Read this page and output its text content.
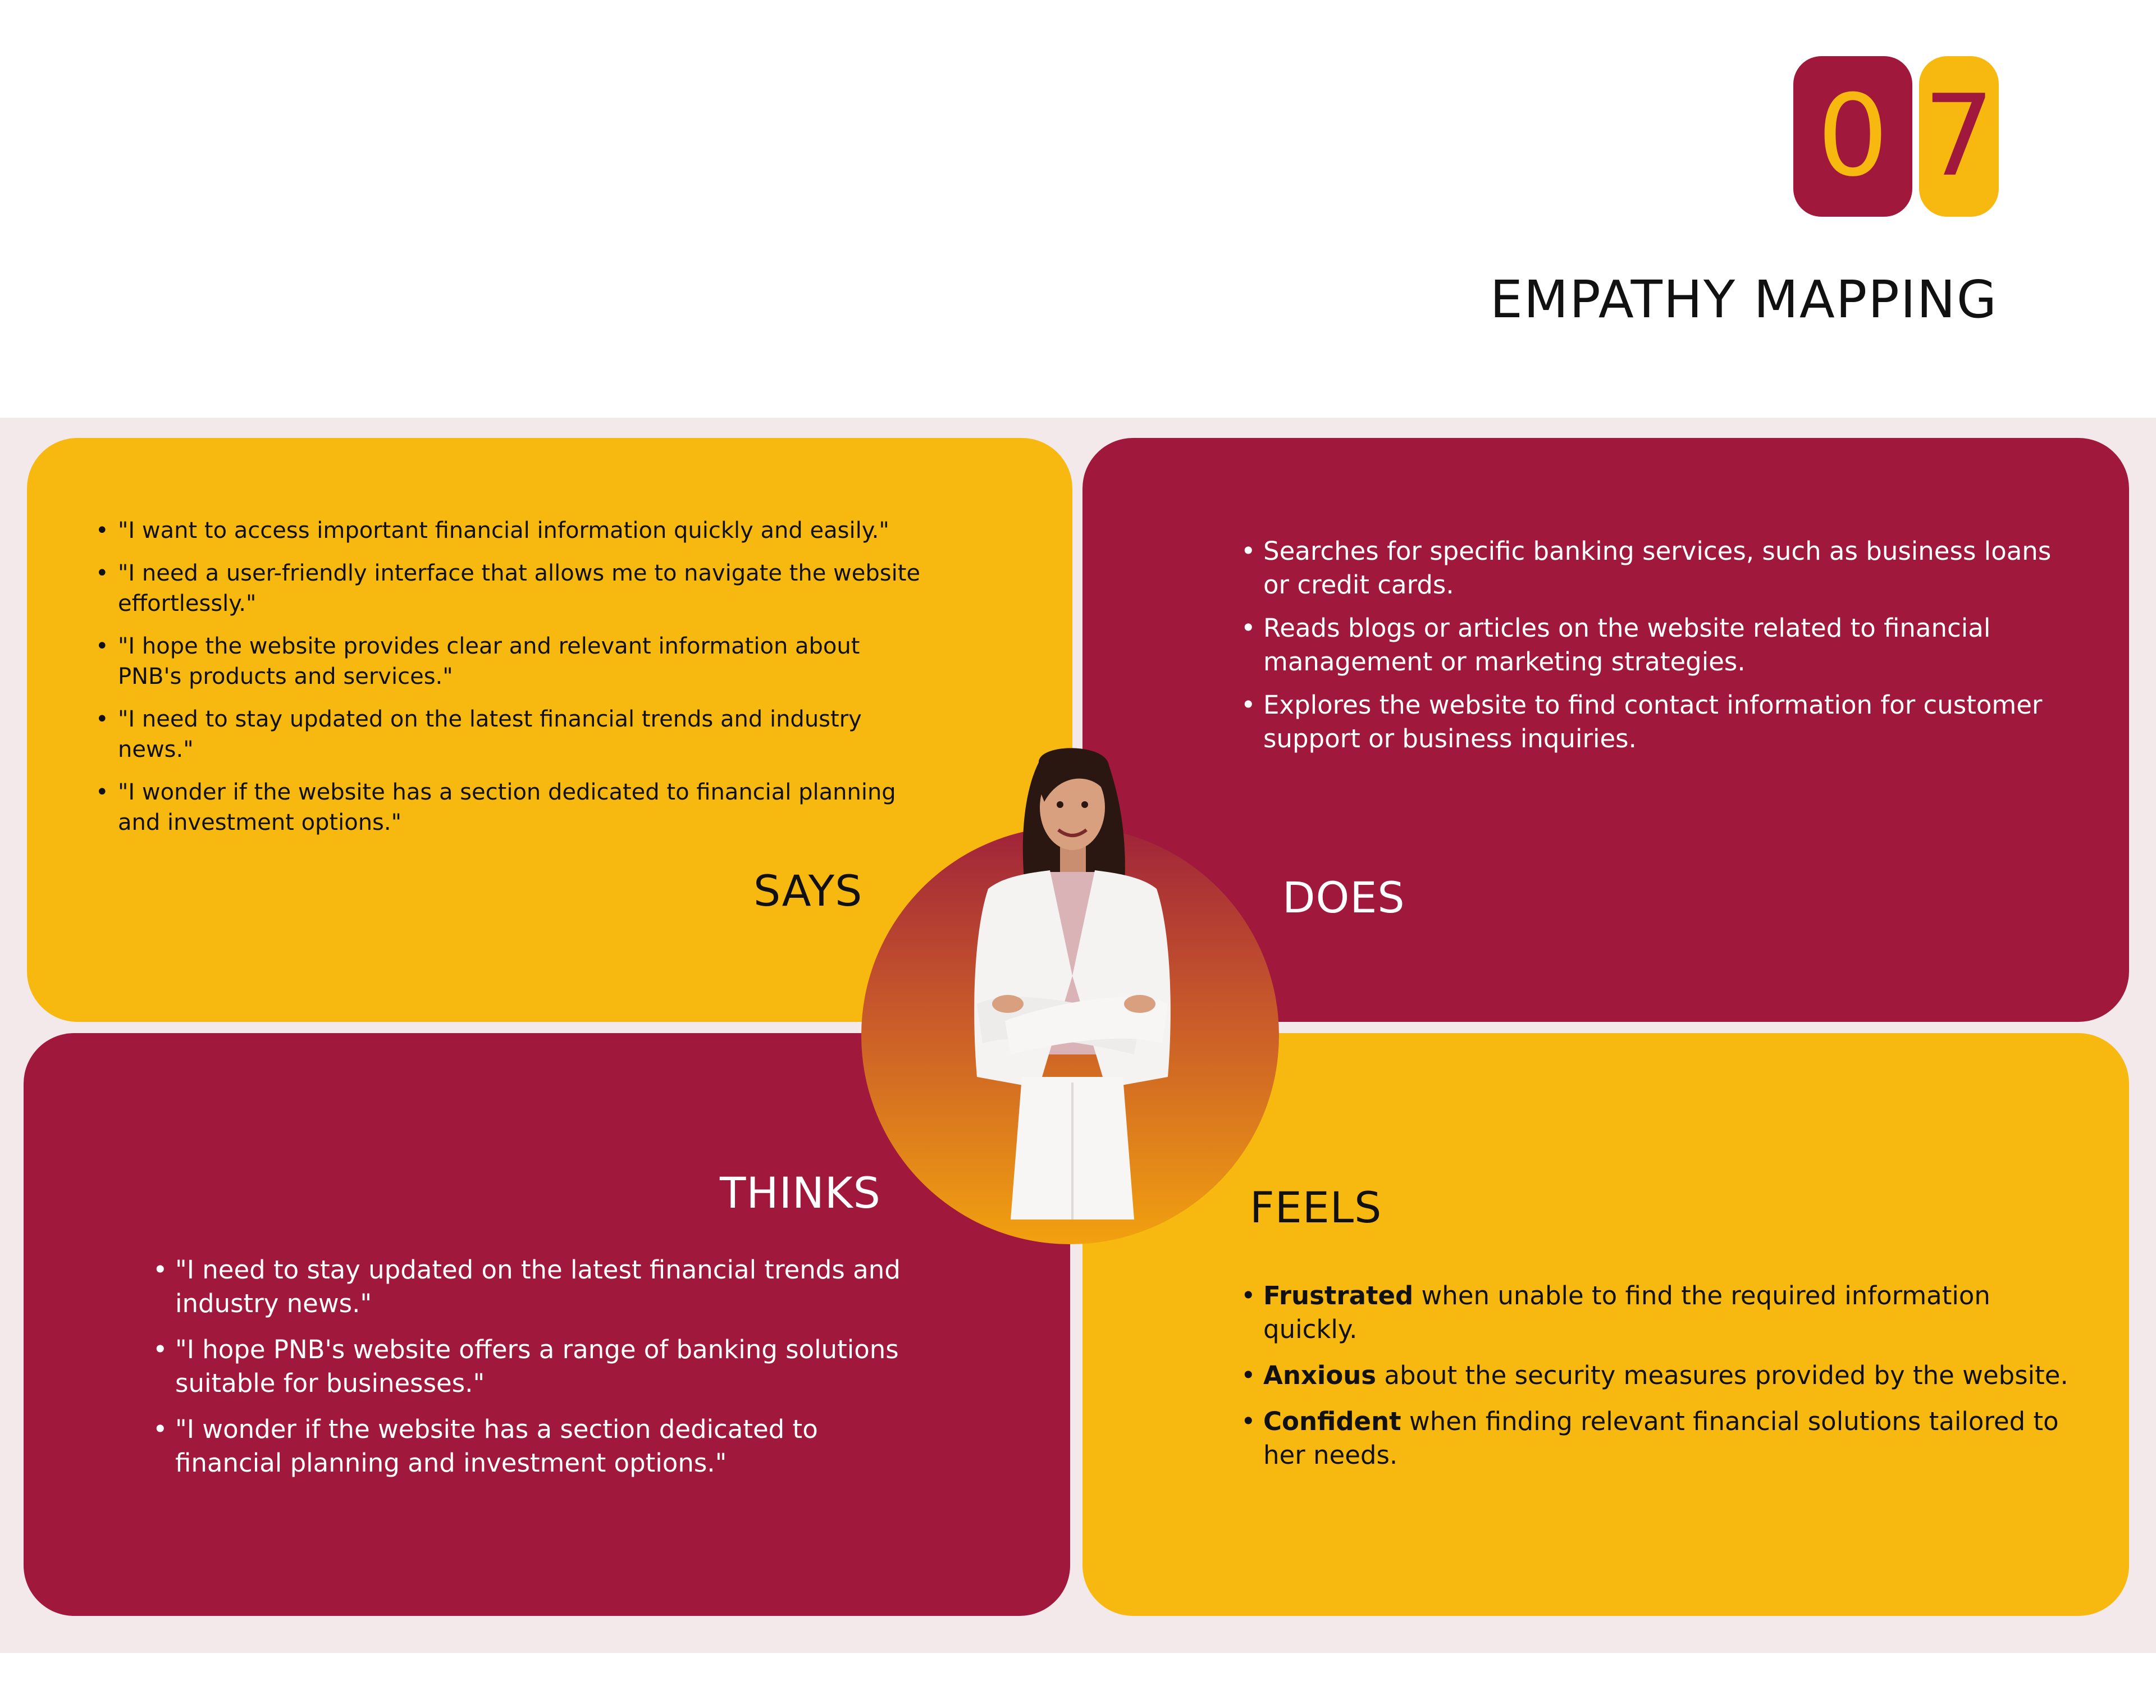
0 7
EMPATHY MAPPING
• "I want to access important financial information quickly and easily."
• "I need a user-friendly interface that allows me to navigate the website effortlessly."
• "I hope the website provides clear and relevant information about PNB's products and services."
• "I need to stay updated on the latest financial trends and industry news."
• "I wonder if the website has a section dedicated to financial planning and investment options."
• Searches for specific banking services, such as business loans or credit cards.
• Reads blogs or articles on the website related to financial management or marketing strategies.
• Explores the website to find contact information for customer support or business inquiries.
• "I need to stay updated on the latest financial trends and industry news."
• "I hope PNB's website offers a range of banking solutions suitable for businesses."
• "I wonder if the website has a section dedicated to financial planning and investment options."
• Frustrated when unable to find the required information quickly.
• Anxious about the security measures provided by the website.
• Confident when finding relevant financial solutions tailored to her needs.
SAYS	DOES
THINKS	FEELS
